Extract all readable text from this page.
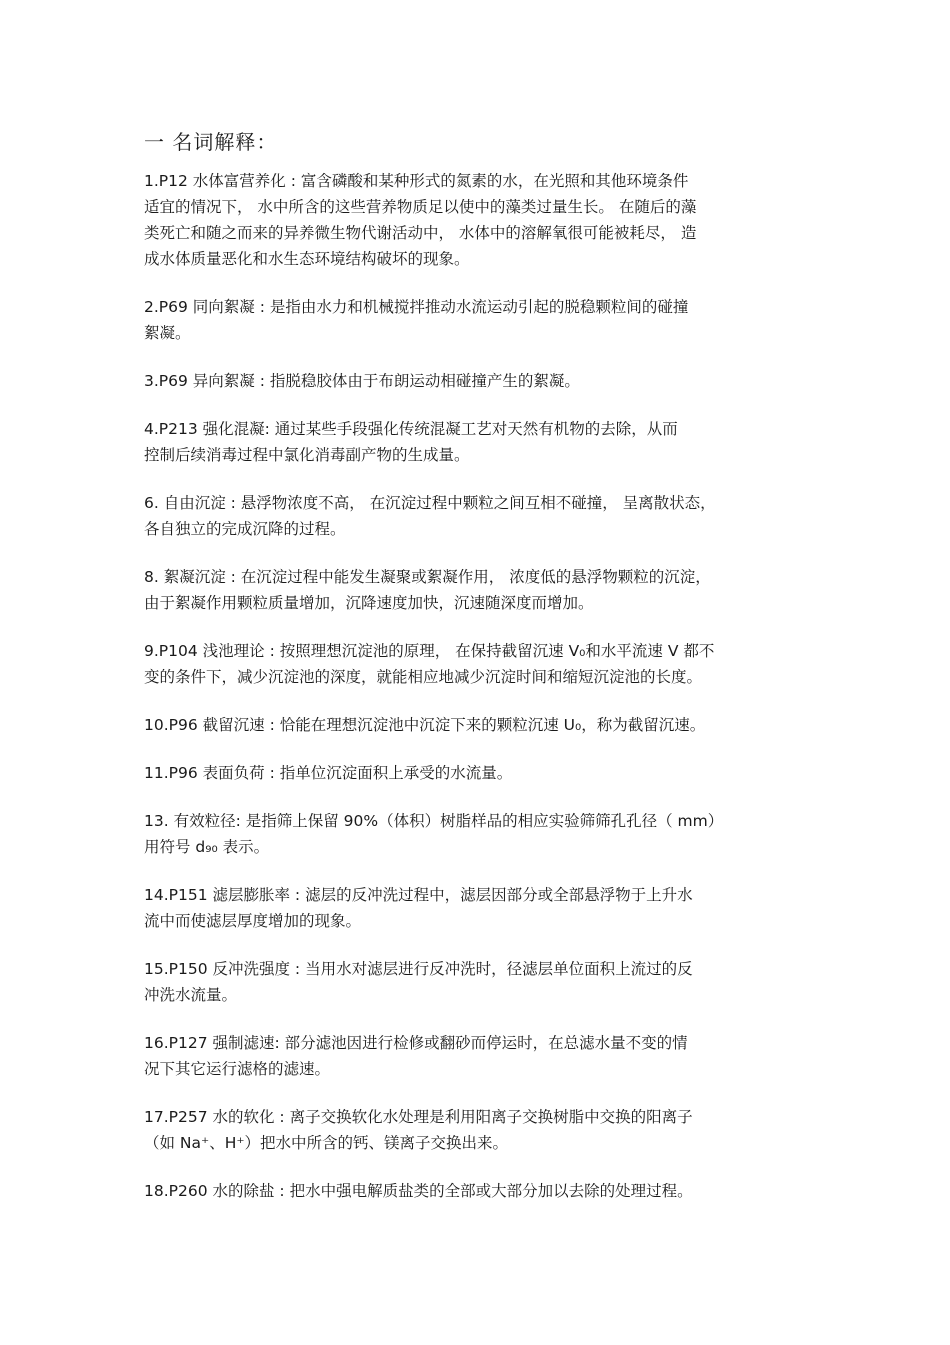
一 名词解释：
1.P12 水体富营养化 : 富含磷酸和某种形式的氮素的水，在光照和其他环境条件
适宜的情况下， 水中所含的这些营养物质足以使中的藻类过量生长。 在随后的藻
类死亡和随之而来的异养微生物代谢活动中， 水体中的溶解氧很可能被耗尽， 造
成水体质量恶化和水生态环境结构破坏的现象。
2.P69 同向絮凝 : 是指由水力和机械搅拌推动水流运动引起的脱稳颗粒间的碰撞
絮凝。
3.P69 异向絮凝 : 指脱稳胶体由于布朗运动相碰撞产生的絮凝。
4.P213 强化混凝: 通过某些手段强化传统混凝工艺对天然有机物的去除，从而
控制后续消毒过程中氯化消毒副产物的生成量。
6. 自由沉淀 : 悬浮物浓度不高， 在沉淀过程中颗粒之间互相不碰撞， 呈离散状态，
各自独立的完成沉降的过程。
8. 絮凝沉淀 : 在沉淀过程中能发生凝聚或絮凝作用， 浓度低的悬浮物颗粒的沉淀，
由于絮凝作用颗粒质量增加，沉降速度加快，沉速随深度而增加。
9.P104 浅池理论 : 按照理想沉淀池的原理， 在保持截留沉速 V₀和水平流速 V 都不
变的条件下，减少沉淀池的深度，就能相应地减少沉淀时间和缩短沉淀池的长度。
10.P96 截留沉速 : 恰能在理想沉淀池中沉淀下来的颗粒沉速 U₀，称为截留沉速。
11.P96 表面负荷 : 指单位沉淀面积上承受的水流量。
13. 有效粒径: 是指筛上保留 90%（体积）树脂样品的相应实验筛筛孔孔径（ mm）
用符号 d₉₀ 表示。
14.P151 滤层膨胀率 : 滤层的反冲洗过程中，滤层因部分或全部悬浮物于上升水
流中而使滤层厚度增加的现象。
15.P150 反冲洗强度 : 当用水对滤层进行反冲洗时，径滤层单位面积上流过的反
冲洗水流量。
16.P127 强制滤速: 部分滤池因进行检修或翻砂而停运时，在总滤水量不变的情
况下其它运行滤格的滤速。
17.P257 水的软化 : 离子交换软化水处理是利用阳离子交换树脂中交换的阳离子
（如 Na⁺、H⁺）把水中所含的钙、镁离子交换出来。
18.P260 水的除盐 : 把水中强电解质盐类的全部或大部分加以去除的处理过程。
